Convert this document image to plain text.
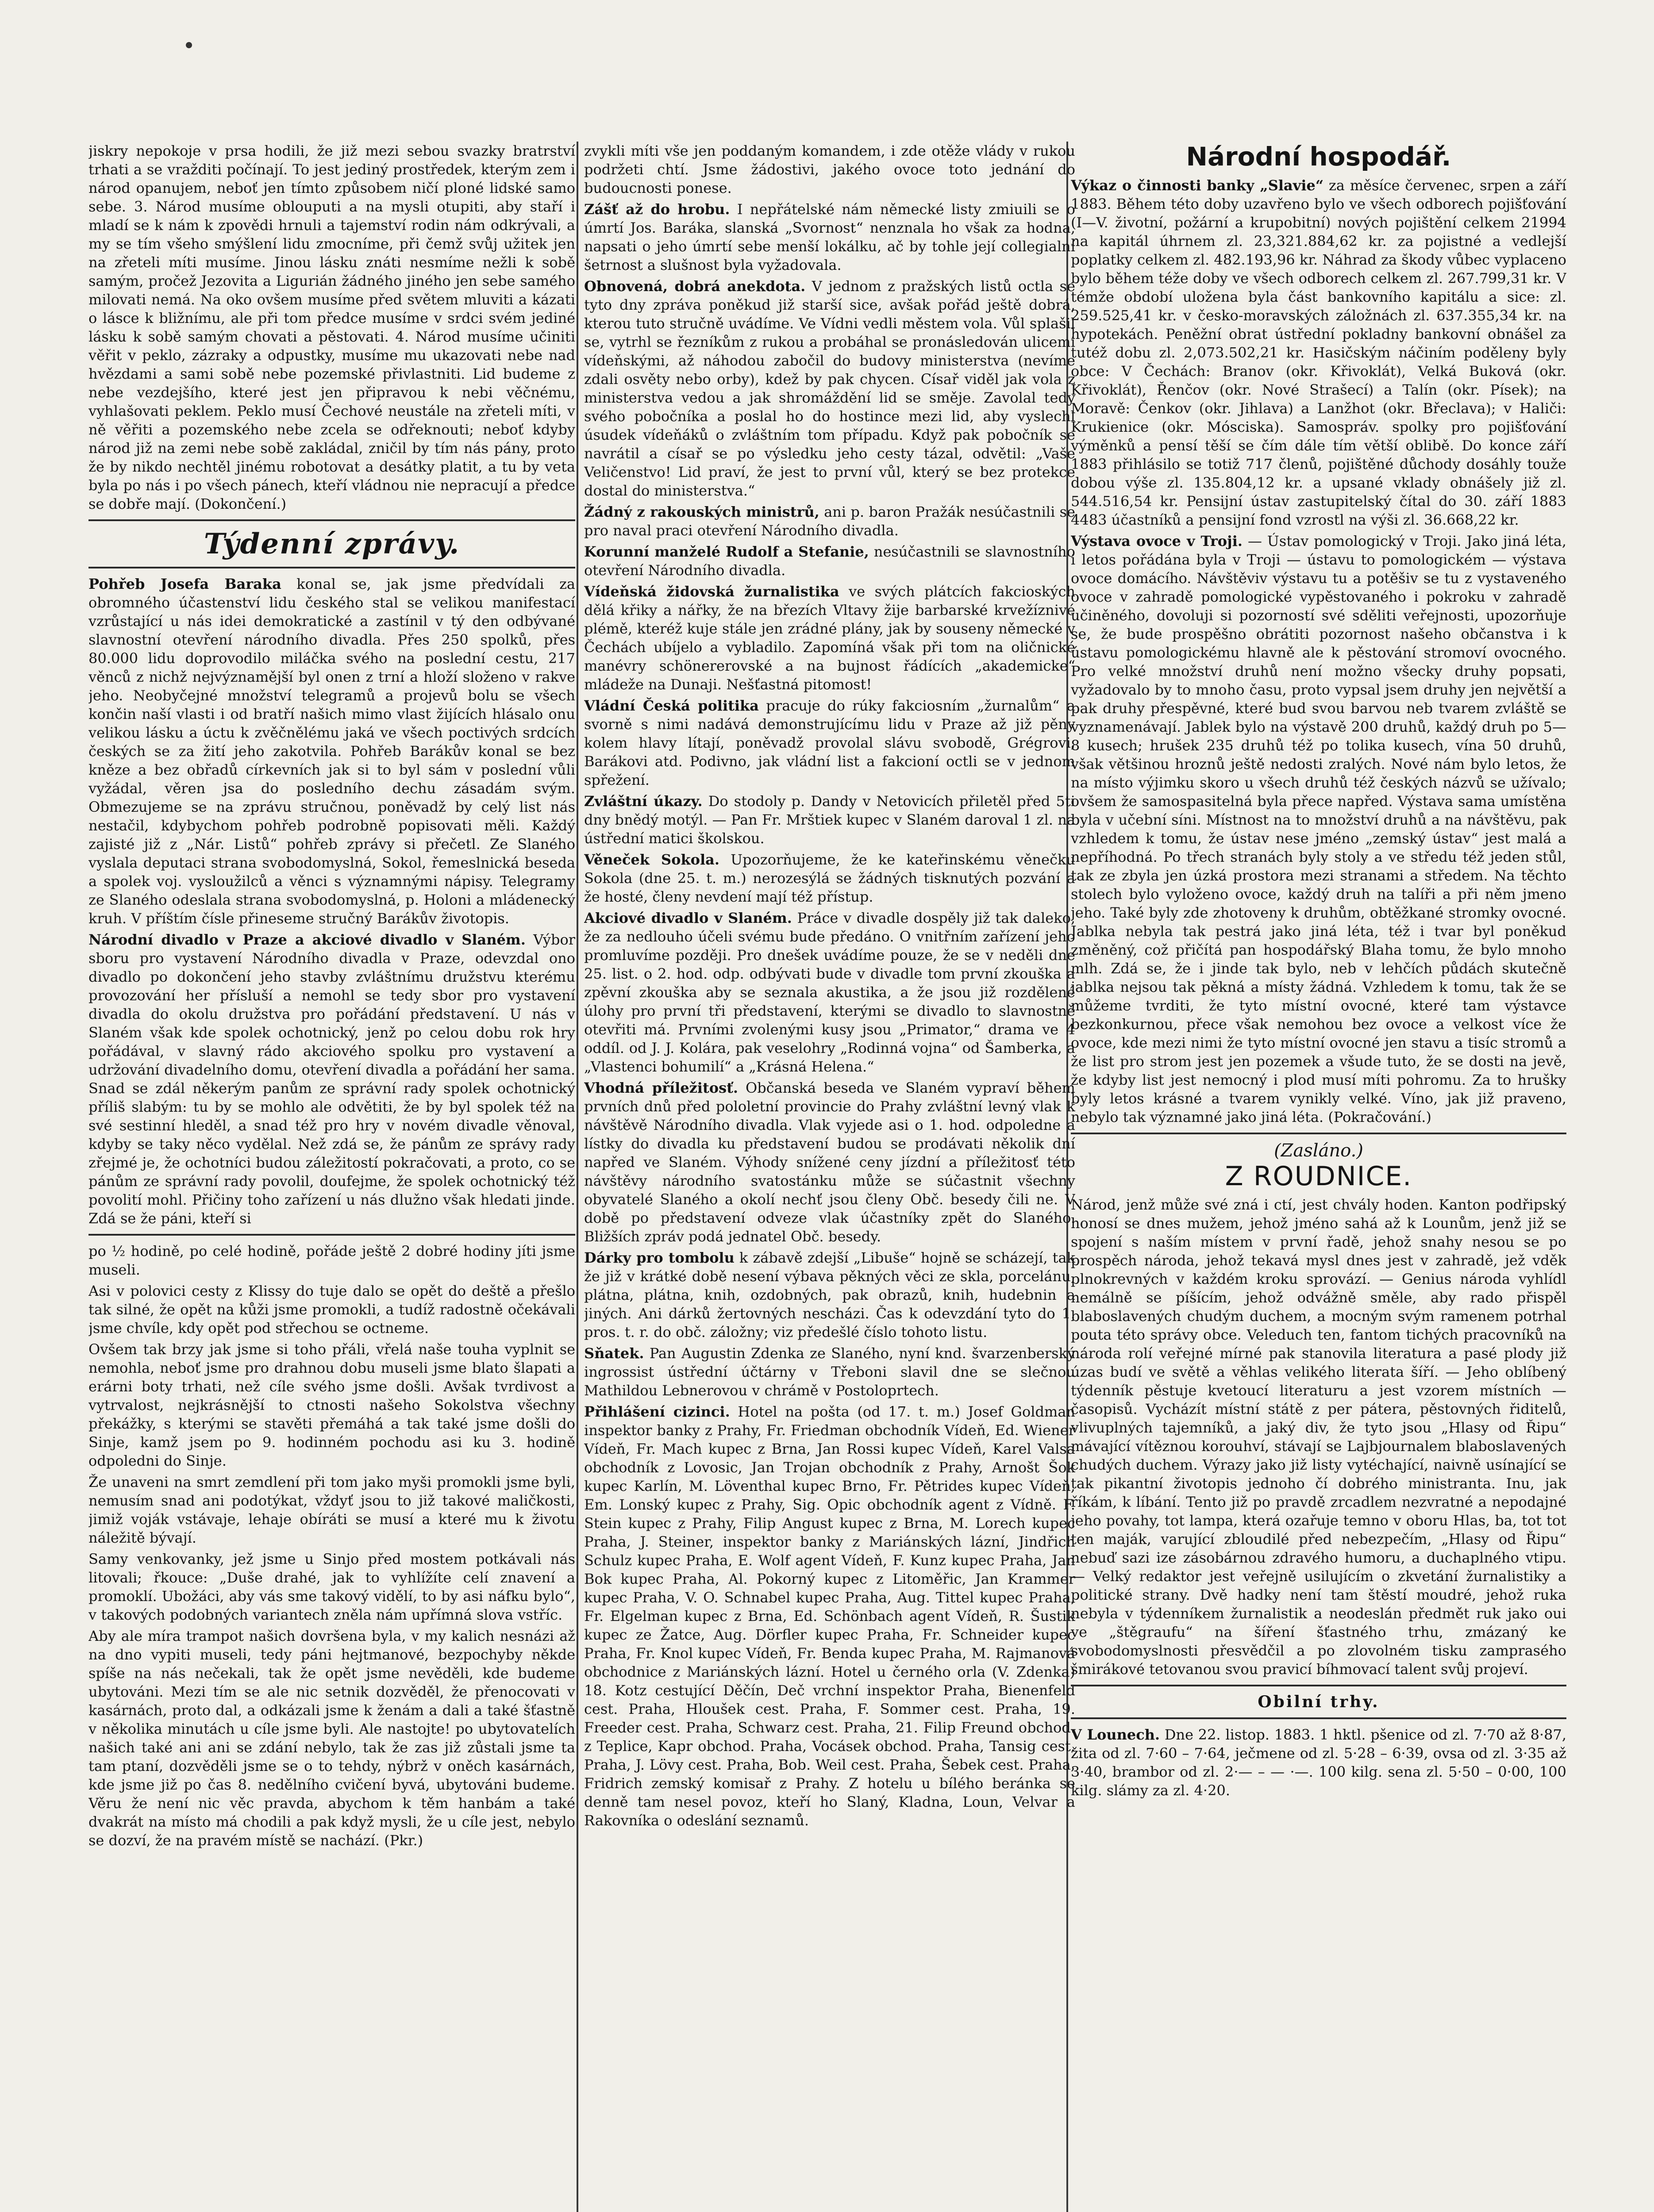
jiskry nepokoje v prsa hodili, že již mezi sebou svazky bratrství trhati a se vražditi počínají. To jest jediný prostředek, kterým zem i národ opanujem, neboť jen tímto způsobem ničí ploné lidské samo sebe. 3. Národ musíme oblouputi a na mysli otupiti, aby staří i mladí se k nám k zpovědi hrnuli a tajemství rodin nám odkrývali, a my se tím všeho smýšlení lidu zmocníme, při čemž svůj užitek jen na zřeteli míti musíme. Jinou lásku znáti nesmíme nežli k sobě samým, pročež Jezovita a Ligurián žádného jiného jen sebe samého milovati nemá. Na oko ovšem musíme před světem mluviti a kázati o lásce k bližnímu, ale při tom předce musíme v srdci svém jediné lásku k sobě samým chovati a pěstovati. 4. Národ musíme učiniti věřit v peklo, zázraky a odpustky, musíme mu ukazovati nebe nad hvězdami a sami sobě nebe pozemské přivlastniti. Lid budeme z nebe vezdejšího, které jest jen připravou k nebi věčnému, vyhlašovati peklem. Peklo musí Čechové neustále na zřeteli míti, v ně věřiti a pozemského nebe zcela se odřeknouti; neboť kdyby národ již na zemi nebe sobě zakládal, zničil by tím nás pány, proto že by nikdo nechtěl jinému robotovat a desátky platit, a tu by veta byla po nás i po všech pánech, kteří vládnou nie nepracují a předce se dobře mají. (Dokončení.)

Týdenní zprávy.

Pohřeb Josefa Baraka konal se, jak jsme předvídali za obromného účastenství lidu českého stal se velikou manifestací vzrůstající u nás idei demokratické a zastínil v tý den odbývané slavnostní otevření národního divadla. Přes 250 spolků, přes 80.000 lidu doprovodilo miláčka svého na poslední cestu, 217 věnců z nichž nejvýznamější byl onen z trní a hloží složeno v rakve jeho. Neobyčejné množství telegramů a projevů bolu se všech končin naší vlasti i od bratří našich mimo vlast žijících hlásalo onu velikou lásku a úctu k zvěčnělému jaká ve všech poctivých srdcích českých se za žití jeho zakotvila. Pohřeb Barákův konal se bez kněze a bez obřadů církevních jak si to byl sám v poslední vůli vyžádal, věren jsa do posledního dechu zásadám svým. Obmezujeme se na zprávu stručnou, poněvadž by celý list nás nestačil, kdybychom pohřeb podrobně popisovati měli. Každý zajisté již z „Nár. Listů“ pohřeb zprávy si přečetl. Ze Slaného vyslala deputaci strana svobodomyslná, Sokol, řemeslnická beseda a spolek voj. vysloužilců a věnci s významnými nápisy. Telegramy ze Slaného odeslala strana svobodomyslná, p. Holoni a mládenecký kruh. V příštím čísle přineseme stručný Barákův životopis.

Národní divadlo v Praze a akciové divadlo v Slaném. Výbor sboru pro vystavení Národního divadla v Praze, odevzdal ono divadlo po dokončení jeho stavby zvláštnímu družstvu kterému provozování her přísluší a nemohl se tedy sbor pro vystavení divadla do okolu družstva pro pořádání představení. U nás v Slaném však kde spolek ochotnický, jenž po celou dobu rok hry pořádával, v slavný rádo akciového spolku pro vystavení a udržování divadelního domu, otevření divadla a pořádání her sama. Snad se zdál někerým panům ze správní rady spolek ochotnický příliš slabým: tu by se mohlo ale odvětiti, že by byl spolek též na své sestinní hleděl, a snad též pro hry v novém divadle věnoval, kdyby se taky něco vydělal. Než zdá se, že pánům ze správy rady zřejmé je, že ochotníci budou záležitostí pokračovati, a proto, co se pánům ze správní rady povolil, doufejme, že spolek ochotnický též povolití mohl. Přičiny toho zařízení u nás dlužno však hledati jinde. Zdá se že páni, kteří si

po ½ hodině, po celé hodině, pořáde ještě 2 dobré hodiny jíti jsme museli.

Asi v polovici cesty z Klissy do tuje dalo se opět do deště a přešlo tak silné, že opět na kůži jsme promokli, a tudíž radostně očekávali jsme chvíle, kdy opět pod střechou se octneme.

Ovšem tak brzy jak jsme si toho přáli, vřelá naše touha vyplnit se nemohla, neboť jsme pro drahnou dobu museli jsme blato šlapati a erárni boty trhati, než cíle svého jsme došli. Avšak tvrdivost a vytrvalost, nejkrásnější to ctnosti našeho Sokolstva všechny překážky, s kterými se stavěti přemáhá a tak také jsme došli do Sinje, kamž jsem po 9. hodinném pochodu asi ku 3. hodině odpoledni do Sinje.

Že unaveni na smrt zemdlení při tom jako myši promokli jsme byli, nemusím snad ani podotýkat, vždyť jsou to již takové maličkosti, jimiž voják vstávaje, lehaje obíráti se musí a které mu k životu náležitě bývají.

Samy venkovanky, jež jsme u Sinjo před mostem potkávali nás litovali; řkouce: „Duše drahé, jak to vyhlížíte celí znavení a promoklí. Ubožáci, aby vás sme takový vidělí, to by asi náfku bylo“, v takových podobných variantech zněla nám upřímná slova vstříc.

Aby ale míra trampot našich dovršena byla, v my kalich nesnázi až na dno vypiti museli, tedy páni hejtmanové, bezpochyby někde spíše na nás nečekali, tak že opět jsme nevěděli, kde budeme ubytováni. Mezi tím se ale nic setnik dozvěděl, že přenocovati v kasárnách, proto dal, a odkázali jsme k ženám a dali a také šťastně v několika minutách u cíle jsme byli. Ale nastojte! po ubytovatelích našich také ani ani se zdání nebylo, tak že zas již zůstali jsme ta tam ptaní, dozvěděli jsme se o to tehdy, nýbrž v oněch kasárnách, kde jsme již po čas 8. nedělního cvičení byvá, ubytováni budeme. Věru že není nic věc pravda, abychom k těm hanbám a také dvakrát na místo má chodili a pak když mysli, že u cíle jest, nebylo se dozví, že na pravém místě se nachází. (Pkr.)

zvykli míti vše jen poddaným komandem, i zde otěže vlády v rukou podržeti chtí. Jsme žádostivi, jakého ovoce toto jednání do budoucnosti ponese.

Zášť až do hrobu. I nepřátelské nám německé listy zmiuili se o úmrtí Jos. Baráka, slanská „Svornost“ nenznala ho však za hodna, napsati o jeho úmrtí sebe menší lokálku, ač by tohle její collegialní šetrnost a slušnost byla vyžadovala.

Obnovená, dobrá anekdota. V jednom z pražských listů octla se tyto dny zpráva poněkud již starší sice, avšak pořád ještě dobrá, kterou tuto stručně uvádíme. Ve Vídni vedli městem vola. Vůl splašil se, vytrhl se řezníkům z rukou a probáhal se pronásledován ulicemi vídeňskými, až náhodou zabočil do budovy ministerstva (nevíme zdali osvěty nebo orby), kdež by pak chycen. Císař viděl jak vola z ministerstva vedou a jak shromáždění lid se směje. Zavolal tedy svého pobočníka a poslal ho do hostince mezi lid, aby vyslechl úsudek vídeňáků o zvláštním tom případu. Když pak pobočník se navrátil a císař se po výsledku jeho cesty tázal, odvětil: „Vaše Veličenstvo! Lid praví, že jest to první vůl, který se bez protekce dostal do ministerstva.“

Žádný z rakouských ministrů, ani p. baron Pražák nesúčastnili se pro naval praci otevření Národního divadla.

Korunní manželé Rudolf a Stefanie, nesúčastnili se slavnostního otevření Národního divadla.

Vídeňská židovská žurnalistika ve svých plátcích fakcioských dělá křiky a nářky, že na březích Vltavy žije barbarské krvežíznivé plémě, kteréž kuje stále jen zrádné plány, jak by souseny německé v Čechách ubíjelo a vybladilo. Zapomíná však při tom na oličnické manévry schönererovské a na bujnost řádících „akademicke“ mládeže na Dunaji. Nešťastná pitomost!

Vládní Česká politika pracuje do rúky fakciosním „žurnalům“ a svorně s nimi nadává demonstrujícímu lidu v Praze až již pěny kolem hlavy lítají, poněvadž provolal slávu svobodě, Grégrovi, Barákovi atd. Podivno, jak vládní list a fakcioní octli se v jednom spřežení.

Zvláštní úkazy. Do stodoly p. Dandy v Netovicích přiletěl před 5ti dny bnědý motýl. — Pan Fr. Mrštiek kupec v Slaném daroval 1 zl. na ústřední matici školskou.

Věneček Sokola. Upozorňujeme, že ke kateřinskému věnečku Sokola (dne 25. t. m.) nerozesýlá se žádných tisknutých pozvání a že hosté, členy nevdení mají též přístup.

Akciové divadlo v Slaném. Práce v divadle dospěly již tak daleko, že za nedlouho účeli svému bude předáno. O vnitřním zařízení jeho promluvíme později. Pro dnešek uvádíme pouze, že se v neděli dne 25. list. o 2. hod. odp. odbývati bude v divadle tom první zkouška a zpěvní zkouška aby se seznala akustika, a že jsou již rozdělené úlohy pro první tři představení, kterými se divadlo to slavnostně otevřiti má. Prvními zvolenými kusy jsou „Primator,“ drama ve 4 oddíl. od J. J. Kolára, pak veselohry „Rodinná vojna“ od Šamberka, a „Vlastenci bohumilí“ a „Krásná Helena.“

Vhodná příležitosť. Občanská beseda ve Slaném vypraví během prvních dnů před pololetní provincie do Prahy zvláštní levný vlak k návštěvě Národního divadla. Vlak vyjede asi o 1. hod. odpoledne a lístky do divadla ku představení budou se prodávati několik dní napřed ve Slaném. Výhody snížené ceny jízdní a příležitosť této návštěvy národního svatostánku může se súčastnit všechny obyvatelé Slaného a okolí nechť jsou členy Obč. besedy čili ne. V době po představení odveze vlak účastníky zpět do Slaného. Bližších zpráv podá jednatel Obč. besedy.

Dárky pro tombolu k zábavě zdejší „Libuše“ hojně se scházejí, tak že již v krátké době nesení výbava pěkných věci ze skla, porcelánu, plátna, plátna, knih, ozdobných, pak obrazů, knih, hudebnin a jiných. Ani dárků žertovných nescházi. Čas k odevzdání tyto do 1. pros. t. r. do obč. záložny; viz předešlé číslo tohoto listu.

Sňatek. Pan Augustin Zdenka ze Slaného, nyní knd. švarzenberský ingrossist ústřední účtárny v Třeboni slavil dne se slečnou Mathildou Lebnerovou v chrámě v Postoloprtech.

Přihlášení cizinci. Hotel na pošta (od 17. t. m.) Josef Goldman inspektor banky z Prahy, Fr. Friedman obchodník Vídeň, Ed. Wiener Vídeň, Fr. Mach kupec z Brna, Jan Rossi kupec Vídeň, Karel Valsa obchodník z Lovosic, Jan Trojan obchodník z Prahy, Arnošt Šok kupec Karlín, M. Löventhal kupec Brno, Fr. Pětrides kupec Vídeň, Em. Lonský kupec z Prahy, Sig. Opic obchodník agent z Vídně. F. Stein kupec z Prahy, Filip Angust kupec z Brna, M. Lorech kupec Praha, J. Steiner, inspektor banky z Mariánských lázní, Jindřich Schulz kupec Praha, E. Wolf agent Vídeň, F. Kunz kupec Praha, Jan Bok kupec Praha, Al. Pokorný kupec z Litoměřic, Jan Krammer kupec Praha, V. O. Schnabel kupec Praha, Aug. Tittel kupec Praha, Fr. Elgelman kupec z Brna, Ed. Schönbach agent Vídeň, R. Šustik kupec ze Žatce, Aug. Dörfler kupec Praha, Fr. Schneider kupec Praha, Fr. Knol kupec Vídeň, Fr. Benda kupec Praha, M. Rajmanová obchodnice z Mariánských lázní. Hotel u černého orla (V. Zdenka) 18. Kotz cestující Děčín, Deč vrchní inspektor Praha, Bienenfeld cest. Praha, Hloušek cest. Praha, F. Sommer cest. Praha, 19. Freeder cest. Praha, Schwarz cest. Praha, 21. Filip Freund obchod. z Teplice, Kapr obchod. Praha, Vocásek obchod. Praha, Tansig cest. Praha, J. Lövy cest. Praha, Bob. Weil cest. Praha, Šebek cest. Praha, Fridrich zemský komisař z Prahy. Z hotelu u bílého beránka se denně tam nesel povoz, kteří ho Slaný, Kladna, Loun, Velvar a Rakovníka o odeslání seznamů.

Národní hospodář.

Výkaz o činnosti banky „Slavie“ za měsíce červenec, srpen a září 1883. Během této doby uzavřeno bylo ve všech odborech pojišťování (I—V. životní, požární a krupobitní) nových pojištění celkem 21994 na kapitál úhrnem zl. 23,321.884,62 kr. za pojistné a vedlejší poplatky celkem zl. 482.193,96 kr. Náhrad za škody vůbec vyplaceno bylo během téže doby ve všech odborech celkem zl. 267.799,31 kr. V témže období uložena byla část bankovního kapitálu a sice: zl. 259.525,41 kr. v česko-moravských záložnách zl. 637.355,34 kr. na hypotekách. Peněžní obrat ústřední pokladny bankovní obnášel za tutéž dobu zl. 2,073.502,21 kr. Hasičským náčiním poděleny byly obce: V Čechách: Branov (okr. Křivoklát), Velká Buková (okr. Křivoklát), Řenčov (okr. Nové Strašecí) a Talín (okr. Písek); na Moravě: Čenkov (okr. Jihlava) a Lanžhot (okr. Břeclava); v Haliči: Krukienice (okr. Mósciska). Samospráv. spolky pro pojišťování výměnků a pensí těší se čím dále tím větší oblibě. Do konce září 1883 přihlásilo se totiž 717 členů, pojištěné důchody dosáhly touže dobou výše zl. 135.804,12 kr. a upsané vklady obnášely již zl. 544.516,54 kr. Pensijní ústav zastupitelský čítal do 30. září 1883 4483 účastníků a pensijní fond vzrostl na výši zl. 36.668,22 kr.

Výstava ovoce v Troji. — Ústav pomologický v Troji. Jako jiná léta, i letos pořádána byla v Troji — ústavu to pomologickém — výstava ovoce domácího. Návštěviv výstavu tu a potěšiv se tu z vystaveného ovoce v zahradě pomologické vypěstovaného i pokroku v zahradě učiněného, dovoluji si pozorností své sděliti veřejnosti, upozorňuje se, že bude prospěšno obrátiti pozornost našeho občanstva i k ústavu pomologickému hlavně ale k pěstování stromoví ovocného. Pro velké množství druhů není možno všecky druhy popsati, vyžadovalo by to mnoho času, proto vypsal jsem druhy jen největší a pak druhy přespěvné, které bud svou barvou neb tvarem zvláště se vyznamenávají. Jablek bylo na výstavě 200 druhů, každý druh po 5—8 kusech; hrušek 235 druhů též po tolika kusech, vína 50 druhů, však většinou hroznů ještě nedosti zralých. Nové nám bylo letos, že na místo výjimku skoro u všech druhů též českých názvů se užívalo; ovšem že samospasitelná byla přece napřed. Výstava sama umístěna byla v učební síni. Místnost na to množství druhů a na návštěvu, pak vzhledem k tomu, že ústav nese jméno „zemský ústav“ jest malá a nepříhodná. Po třech stranách byly stoly a ve středu též jeden stůl, tak ze zbyla jen úzká prostora mezi stranami a středem. Na těchto stolech bylo vyloženo ovoce, každý druh na talíři a při něm jmeno jeho. Také byly zde zhotoveny k druhům, obtěžkané stromky ovocné. Jablka nebyla tak pestrá jako jiná léta, též i tvar byl poněkud změněný, což přičítá pan hospodářský Blaha tomu, že bylo mnoho mlh. Zdá se, že i jinde tak bylo, neb v lehčích půdách skutečně jablka nejsou tak pěkná a místy žádná. Vzhledem k tomu, tak že se můžeme tvrditi, že tyto místní ovocné, které tam výstavce bezkonkurnou, přece však nemohou bez ovoce a velkost více že ovoce, kde mezi nimi že tyto místní ovocné jen stavu a tisíc stromů a že list pro strom jest jen pozemek a všude tuto, že se dosti na jevě, že kdyby list jest nemocný i plod musí míti pohromu. Za to hrušky byly letos krásné a tvarem vynikly velké. Víno, jak již praveno, nebylo tak významné jako jiná léta. (Pokračování.)

(Zasláno.)
Z ROUDNICE.

Národ, jenž může své zná i ctí, jest chvály hoden. Kanton podřipský honosí se dnes mužem, jehož jméno sahá až k Lounům, jenž již se spojení s naším místem v první řadě, jehož snahy nesou se po prospěch národa, jehož tekavá mysl dnes jest v zahradě, jež vděk plnokrevných v každém kroku sprovází. — Genius národa vyhlídl nemálně se píšícím, jehož odvážně směle, aby rado přispěl blaboslavených chudým duchem, a mocným svým ramenem potrhal pouta této správy obce. Veleduch ten, fantom tichých pracovníků na národa rolí veřejné mírné pak stanovila literatura a pasé plody již úzas budí ve světě a věhlas velikého literata šíří. — Jeho oblíbený týdenník pěstuje kvetoucí literaturu a jest vzorem místních — časopisů. Vycházít místní státě z per pátera, pěstovných řiditelů, vlivuplných tajemníků, a jaký div, že tyto jsou „Hlasy od Řipu“ mávající vítěznou korouhví, stávají se Lajbjournalem blaboslavených chudých duchem. Výrazy jako již listy vytéchající, naivně usínající se tak pikantní životopis jednoho čí dobrého ministranta. Inu, jak říkám, k líbání. Tento již po pravdě zrcadlem nezvratné a nepodajné jeho povahy, tot lampa, která ozařuje temno v oboru Hlas, ba, tot tot ten maják, varující zbloudilé před nebezpečím, „Hlasy od Řipu“ nebuď sazi ize zásobárnou zdravého humoru, a duchaplného vtipu. — Velký redaktor jest veřejně usilujícím o zkvetání žurnalistiky a politické strany. Dvě hadky není tam štěstí moudré, jehož ruka nebyla v týdenníkem žurnalistik a neodeslán předmět ruk jako oui ve „štěgraufu“ na šíření šťastného trhu, zmázaný ke svobodomyslnosti přesvědčil a po zlovolném tisku zamprasého šmirákové tetovanou svou pravicí bíhmovací talent svůj projeví.

Obilní trhy.

V Lounech. Dne 22. listop. 1883. 1 hktl. pšenice od zl. 7·70 až 8·87, žita od zl. 7·60 – 7·64, ječmene od zl. 5·28 – 6·39, ovsa od zl. 3·35 až 3·40, brambor od zl. 2·— – — ·—. 100 kilg. sena zl. 5·50 – 0·00, 100 kilg. slámy za zl. 4·20.
